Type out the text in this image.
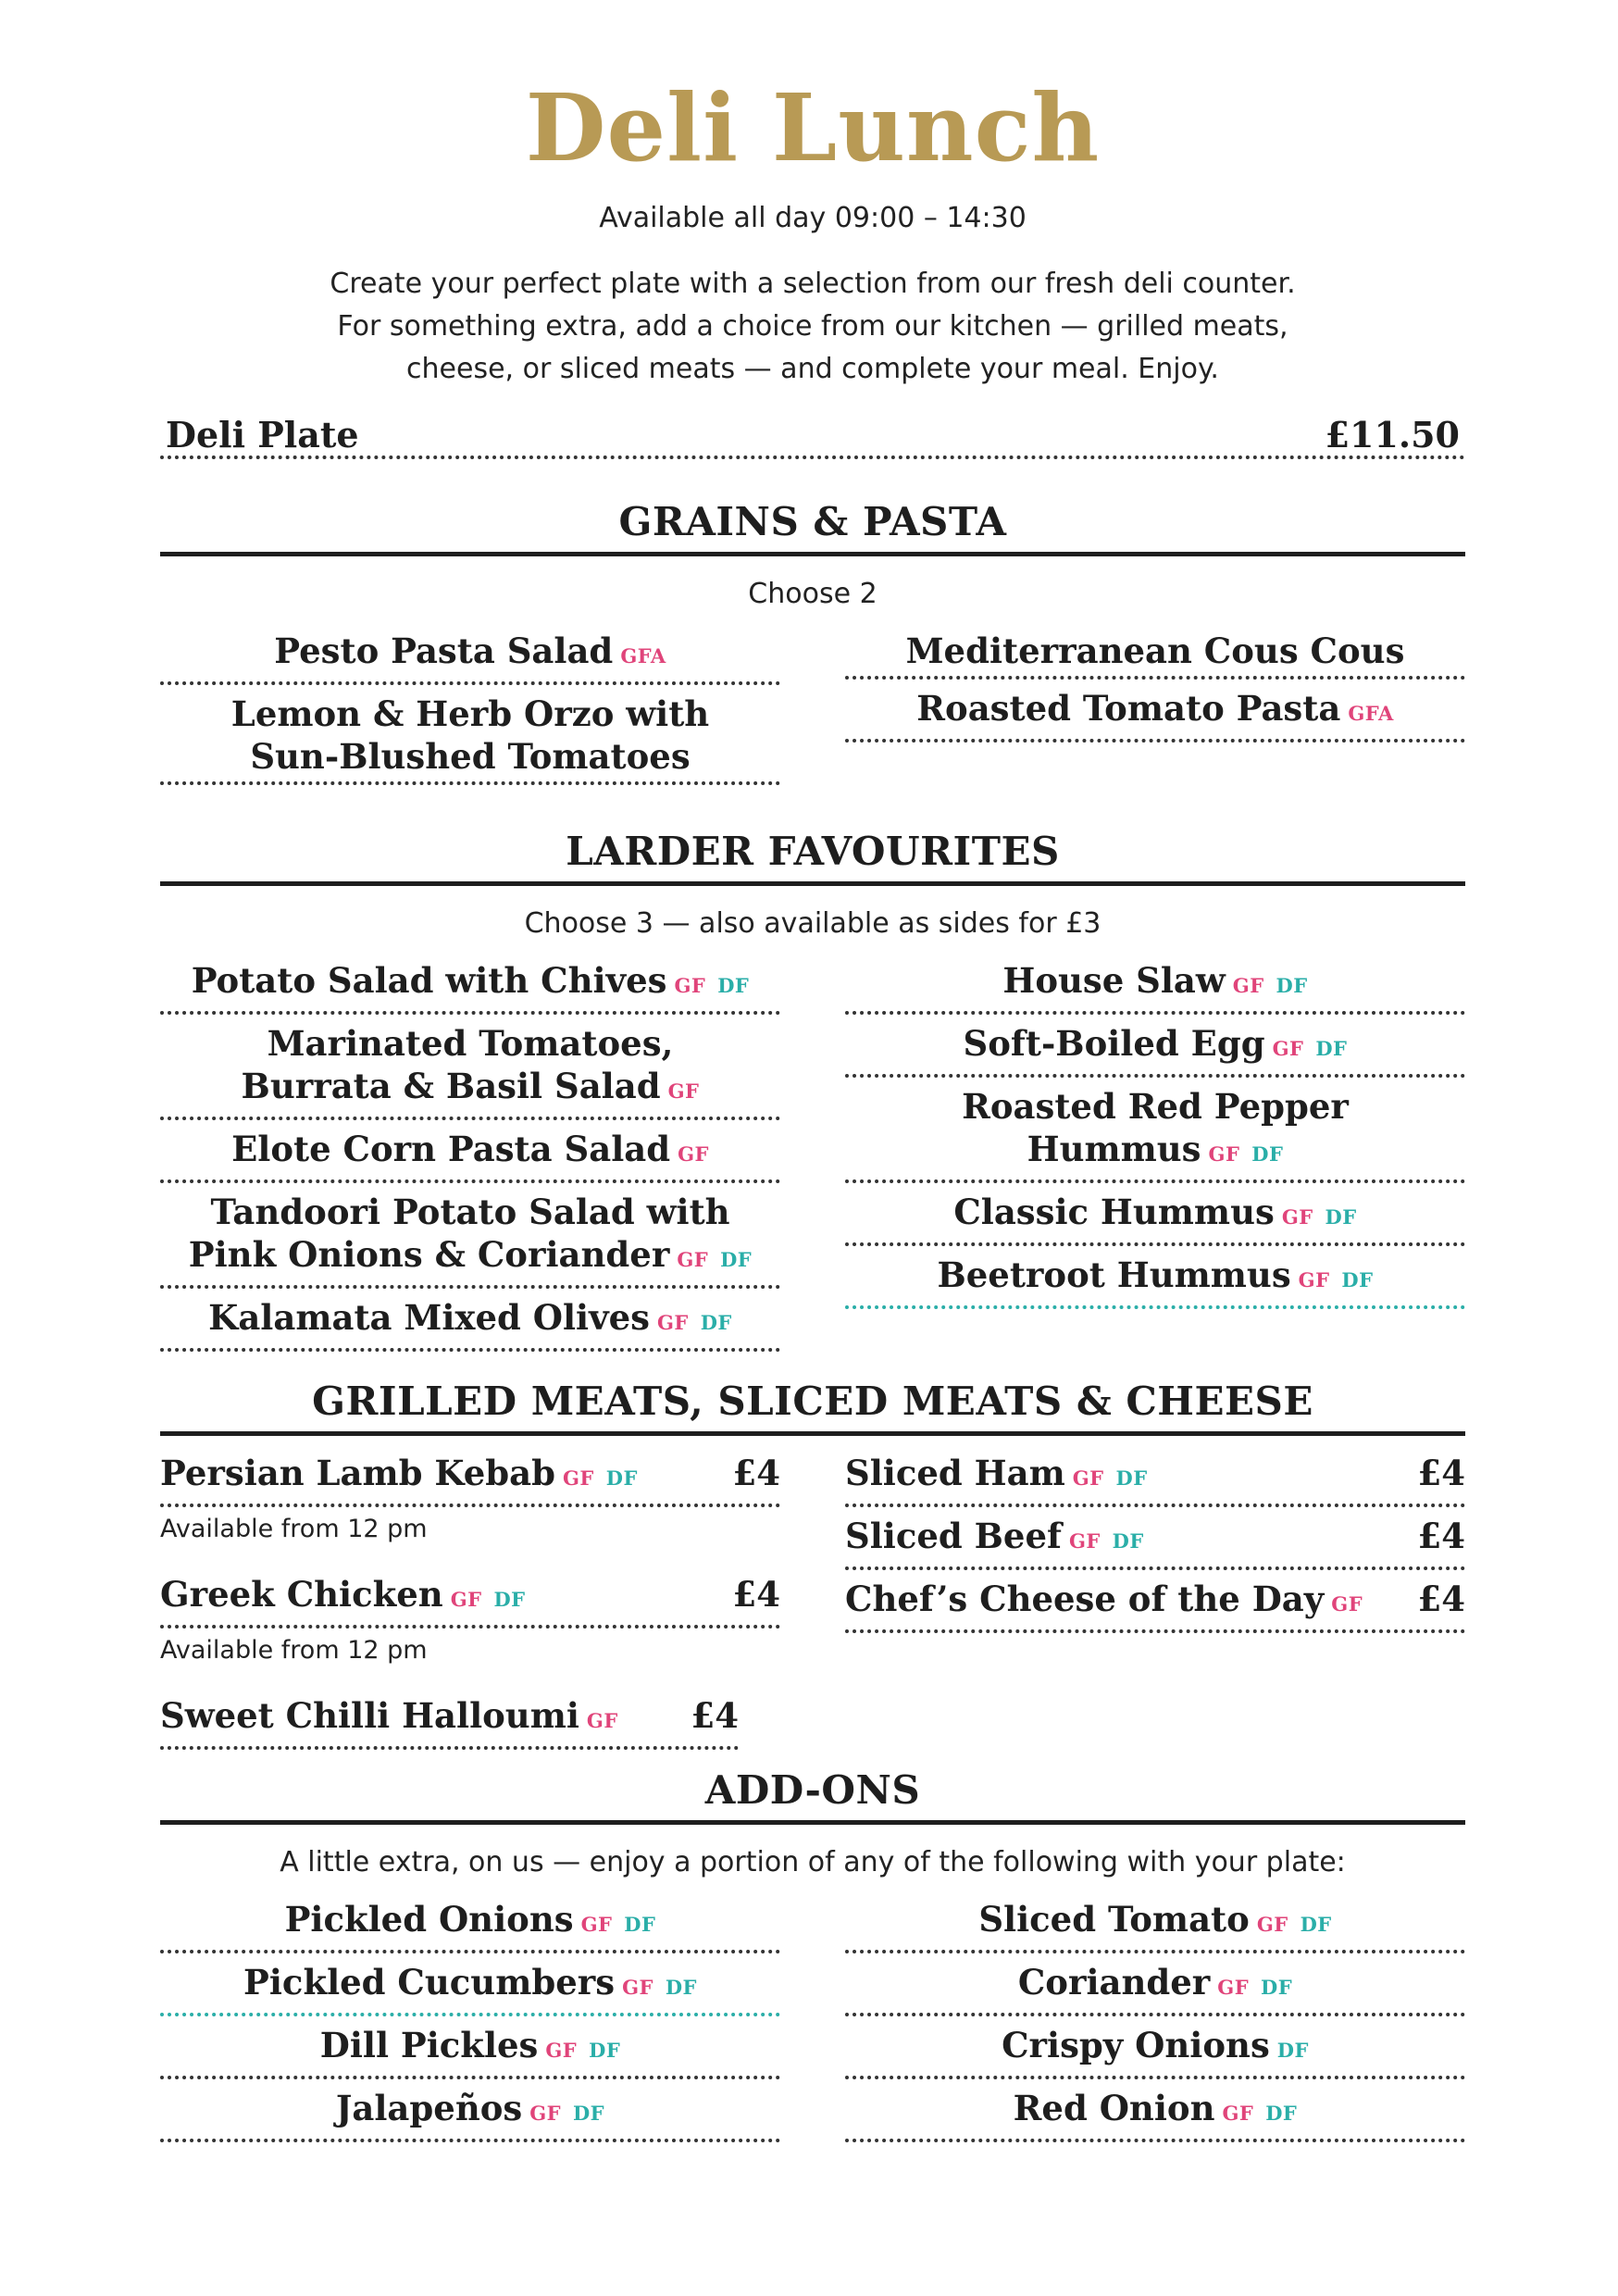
Deli Lunch
Available all day 09:00 – 14:30
Create your perfect plate with a selection from our fresh deli counter.
For something extra, add a choice from our kitchen — grilled meats,
cheese, or sliced meats — and complete your meal. Enjoy.
Deli Plate	£11.50
GRAINS & PASTA
Choose 2
Pesto Pasta Salad GFA
Lemon & Herb Orzo with
Sun-Blushed Tomatoes
Mediterranean Cous Cous
Roasted Tomato Pasta GFA
LARDER FAVOURITES
Choose 3 — also available as sides for £3
Potato Salad with Chives GF DF
Marinated Tomatoes,
Burrata & Basil Salad GF
Elote Corn Pasta Salad GF
Tandoori Potato Salad with
Pink Onions & Coriander GF DF
Kalamata Mixed Olives GF DF
House Slaw GF DF
Soft-Boiled Egg GF DF
Roasted Red Pepper
Hummus GF DF
Classic Hummus GF DF
Beetroot Hummus GF DF
GRILLED MEATS, SLICED MEATS & CHEESE
Persian Lamb Kebab GF DF	£4
Available from 12 pm
Greek Chicken GF DF	£4
Available from 12 pm
Sweet Chilli Halloumi GF £4
Sliced Ham GF DF	£4
Sliced Beef GF DF	£4
Chef’s Cheese of the Day GF £4
ADD-ONS
A little extra, on us — enjoy a portion of any of the following with your plate:
Pickled Onions GF DF
Pickled Cucumbers GF DF
Dill Pickles GF DF
Jalapeños GF DF
Sliced Tomato GF DF
Coriander GF DF
Crispy Onions DF
Red Onion GF DF
